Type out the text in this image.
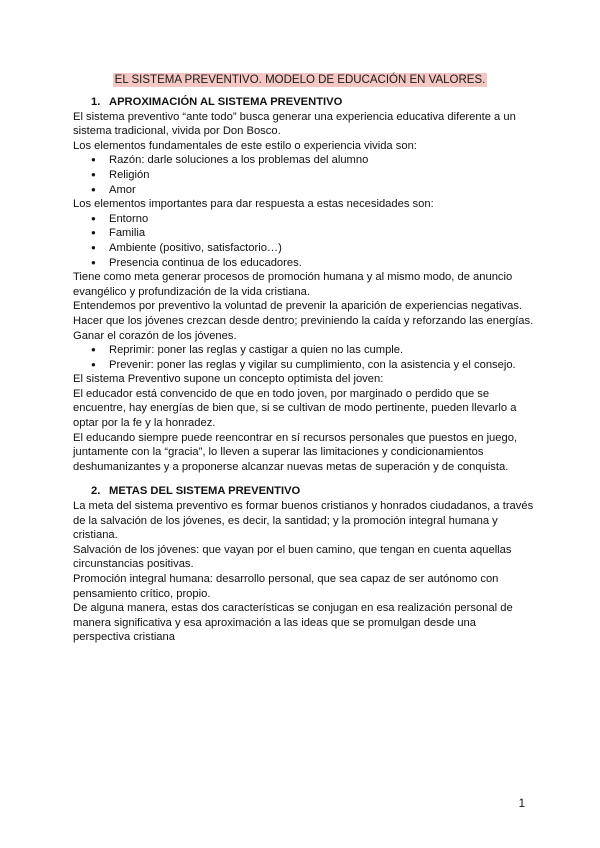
EL SISTEMA PREVENTIVO. MODELO DE EDUCACIÓN EN VALORES.
1. APROXIMACIÓN AL SISTEMA PREVENTIVO

El sistema preventivo “ante todo” busca generar una experiencia educativa diferente a un sistema tradicional, vivida por Don Bosco.

Los elementos fundamentales de este estilo o experiencia vivida son:

● Razón: darle soluciones a los problemas del alumno
● Religión
● Amor

Los elementos importantes para dar respuesta a estas necesidades son:

● Entorno
● Familia
● Ambiente (positivo, satisfactorio…)
● Presencia continua de los educadores.

Tiene como meta generar procesos de promoción humana y al mismo modo, de anuncio evangélico y profundización de la vida cristiana.

Entendemos por preventivo la voluntad de prevenir la aparición de experiencias negativas. Hacer que los jóvenes crezcan desde dentro; previniendo la caída y reforzando las energías. Ganar el corazón de los jóvenes.

● Reprimir: poner las reglas y castigar a quien no las cumple.
● Prevenir: poner las reglas y vigilar su cumplimiento, con la asistencia y el consejo.

El sistema Preventivo supone un concepto optimista del joven:

El educador está convencido de que en todo joven, por marginado o perdido que se encuentre, hay energías de bien que, si se cultivan de modo pertinente, pueden llevarlo a optar por la fe y la honradez.

El educando siempre puede reencontrar en sí recursos personales que puestos en juego, juntamente con la “gracia”, lo lleven a superar las limitaciones y condicionamientos deshumanizantes y a proponerse alcanzar nuevas metas de superación y de conquista.

2. METAS DEL SISTEMA PREVENTIVO

La meta del sistema preventivo es formar buenos cristianos y honrados ciudadanos, a través de la salvación de los jóvenes, es decir, la santidad; y la promoción integral humana y cristiana.

Salvación de los jóvenes: que vayan por el buen camino, que tengan en cuenta aquellas circunstancias positivas.

Promoción integral humana: desarrollo personal, que sea capaz de ser autónomo con pensamiento crítico, propio.

De alguna manera, estas dos características se conjugan en esa realización personal de manera significativa y esa aproximación a las ideas que se promulgan desde una perspectiva cristiana

1
